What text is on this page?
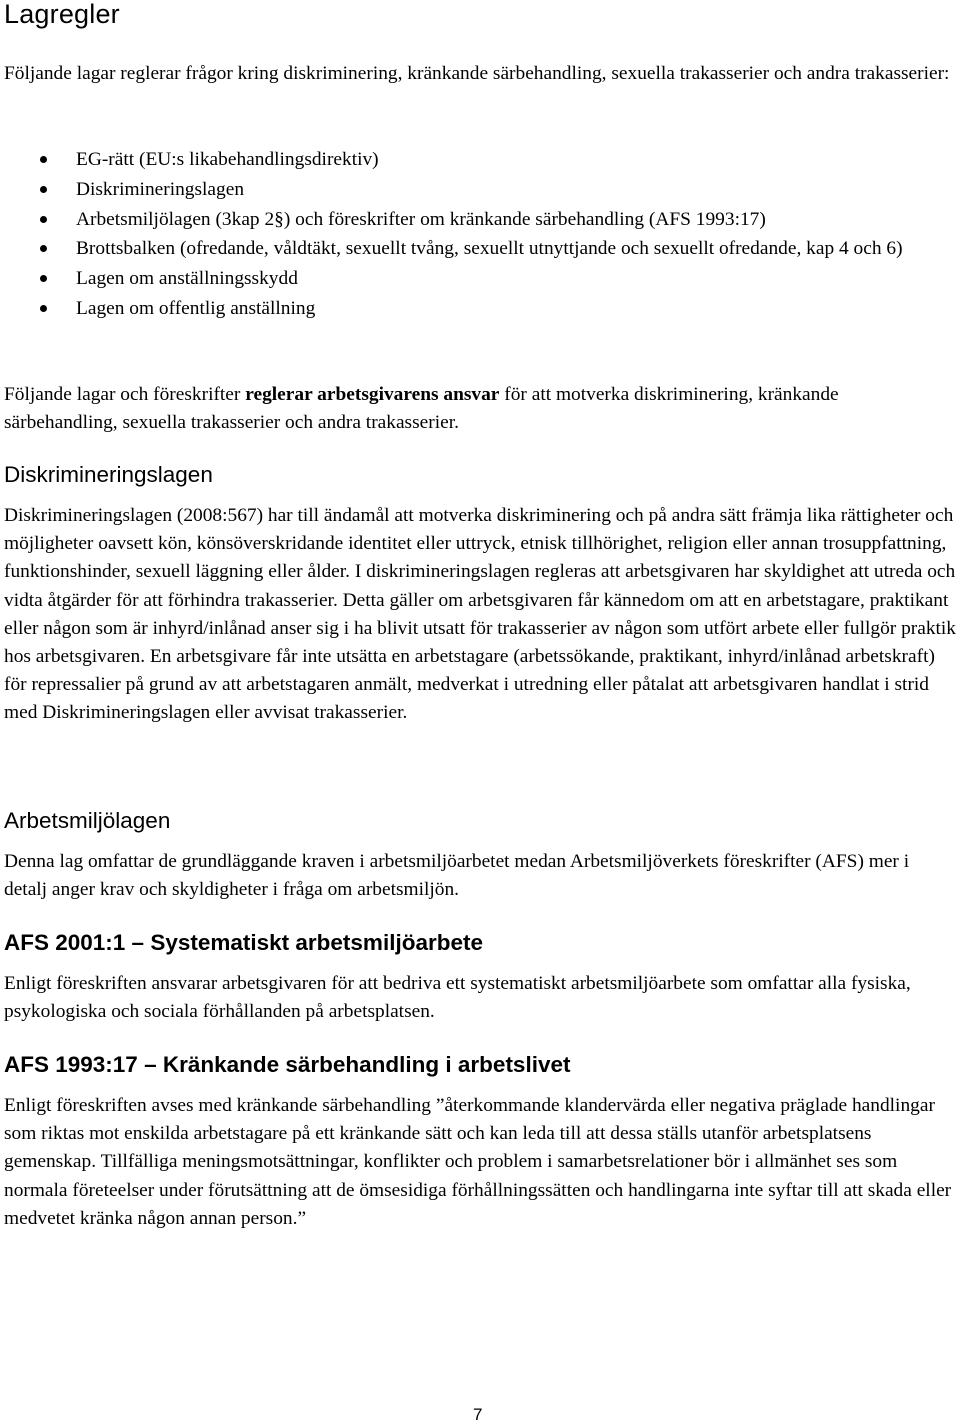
Lagregler

Följande lagar reglerar frågor kring diskriminering, kränkande särbehandling, sexuella trakasserier och andra trakasserier:

EG-rätt (EU:s likabehandlingsdirektiv)
Diskrimineringslagen
Arbetsmiljölagen (3kap 2§) och föreskrifter om kränkande särbehandling (AFS 1993:17)
Brottsbalken (ofredande, våldtäkt, sexuellt tvång, sexuellt utnyttjande och sexuellt ofredande, kap 4 och 6)
Lagen om anställningsskydd
Lagen om offentlig anställning

Följande lagar och föreskrifter reglerar arbetsgivarens ansvar för att motverka diskriminering, kränkande särbehandling, sexuella trakasserier och andra trakasserier.

Diskrimineringslagen

Diskrimineringslagen (2008:567) har till ändamål att motverka diskriminering och på andra sätt främja lika rättigheter och möjligheter oavsett kön, könsöverskridande identitet eller uttryck, etnisk tillhörighet, religion eller annan trosuppfattning, funktionshinder, sexuell läggning eller ålder. I diskrimineringslagen regleras att arbetsgivaren har skyldighet att utreda och vidta åtgärder för att förhindra trakasserier. Detta gäller om arbetsgivaren får kännedom om att en arbetstagare, praktikant eller någon som är inhyrd/inlånad anser sig i ha blivit utsatt för trakasserier av någon som utfört arbete eller fullgör praktik hos arbetsgivaren. En arbetsgivare får inte utsätta en arbetstagare (arbetssökande, praktikant, inhyrd/inlånad arbetskraft) för repressalier på grund av att arbetstagaren anmält, medverkat i utredning eller påtalat att arbetsgivaren handlat i strid med Diskrimineringslagen eller avvisat trakasserier.

Arbetsmiljölagen

Denna lag omfattar de grundläggande kraven i arbetsmiljöarbetet medan Arbetsmiljöverkets föreskrifter (AFS) mer i detalj anger krav och skyldigheter i fråga om arbetsmiljön.

AFS 2001:1 – Systematiskt arbetsmiljöarbete

Enligt föreskriften ansvarar arbetsgivaren för att bedriva ett systematiskt arbetsmiljöarbete som omfattar alla fysiska, psykologiska och sociala förhållanden på arbetsplatsen.

AFS 1993:17 – Kränkande särbehandling i arbetslivet

Enligt föreskriften avses med kränkande särbehandling ”återkommande klandervärda eller negativa präglade handlingar som riktas mot enskilda arbetstagare på ett kränkande sätt och kan leda till att dessa ställs utanför arbetsplatsens gemenskap. Tillfälliga meningsmotsättningar, konflikter och problem i samarbetsrelationer bör i allmänhet ses som normala företeelser under förutsättning att de ömsesidiga förhållningssätten och handlingarna inte syftar till att skada eller medvetet kränka någon annan person.”

7
